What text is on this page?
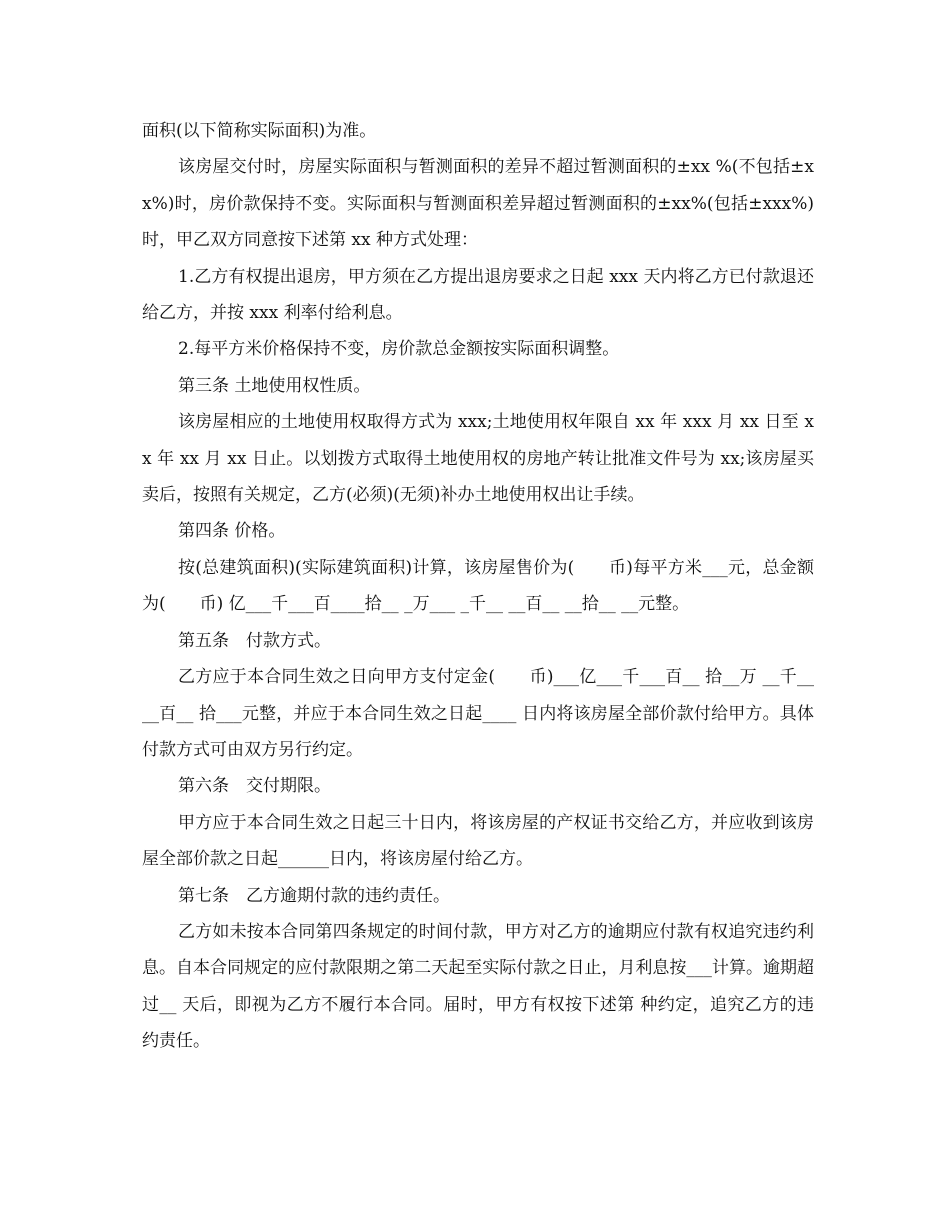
面积(以下简称实际面积)为准。

该房屋交付时，房屋实际面积与暂测面积的差异不超过暂测面积的±xx %(不包括±xx%)时，房价款保持不变。实际面积与暂测面积差异超过暂测面积的±xx%(包括±xxx%)时，甲乙双方同意按下述第 xx 种方式处理：

1.乙方有权提出退房，甲方须在乙方提出退房要求之日起 xxx 天内将乙方已付款退还给乙方，并按 xxx 利率付给利息。

2.每平方米价格保持不变，房价款总金额按实际面积调整。

第三条 土地使用权性质。

该房屋相应的土地使用权取得方式为 xxx;土地使用权年限自 xx 年 xxx 月 xx 日至 xx 年 xx 月 xx 日止。以划拨方式取得土地使用权的房地产转让批准文件号为 xx;该房屋买卖后，按照有关规定，乙方(必须)(无须)补办土地使用权出让手续。

第四条 价格。

按(总建筑面积)(实际建筑面积)计算，该房屋售价为(　　币)每平方米___元，总金额为(　　币) 亿___千___百____拾__ _万___ _千__ __百__ __拾__ __元整。

第五条　付款方式。

乙方应于本合同生效之日向甲方支付定金(　　币)___亿___千___百__ 拾__万 __千____百__ 拾___元整，并应于本合同生效之日起____ 日内将该房屋全部价款付给甲方。具体付款方式可由双方另行约定。

第六条　交付期限。

甲方应于本合同生效之日起三十日内，将该房屋的产权证书交给乙方，并应收到该房屋全部价款之日起______日内，将该房屋付给乙方。

第七条　乙方逾期付款的违约责任。

乙方如未按本合同第四条规定的时间付款，甲方对乙方的逾期应付款有权追究违约利息。自本合同规定的应付款限期之第二天起至实际付款之日止，月利息按___计算。逾期超过__ 天后，即视为乙方不履行本合同。届时，甲方有权按下述第 种约定，追究乙方的违约责任。
